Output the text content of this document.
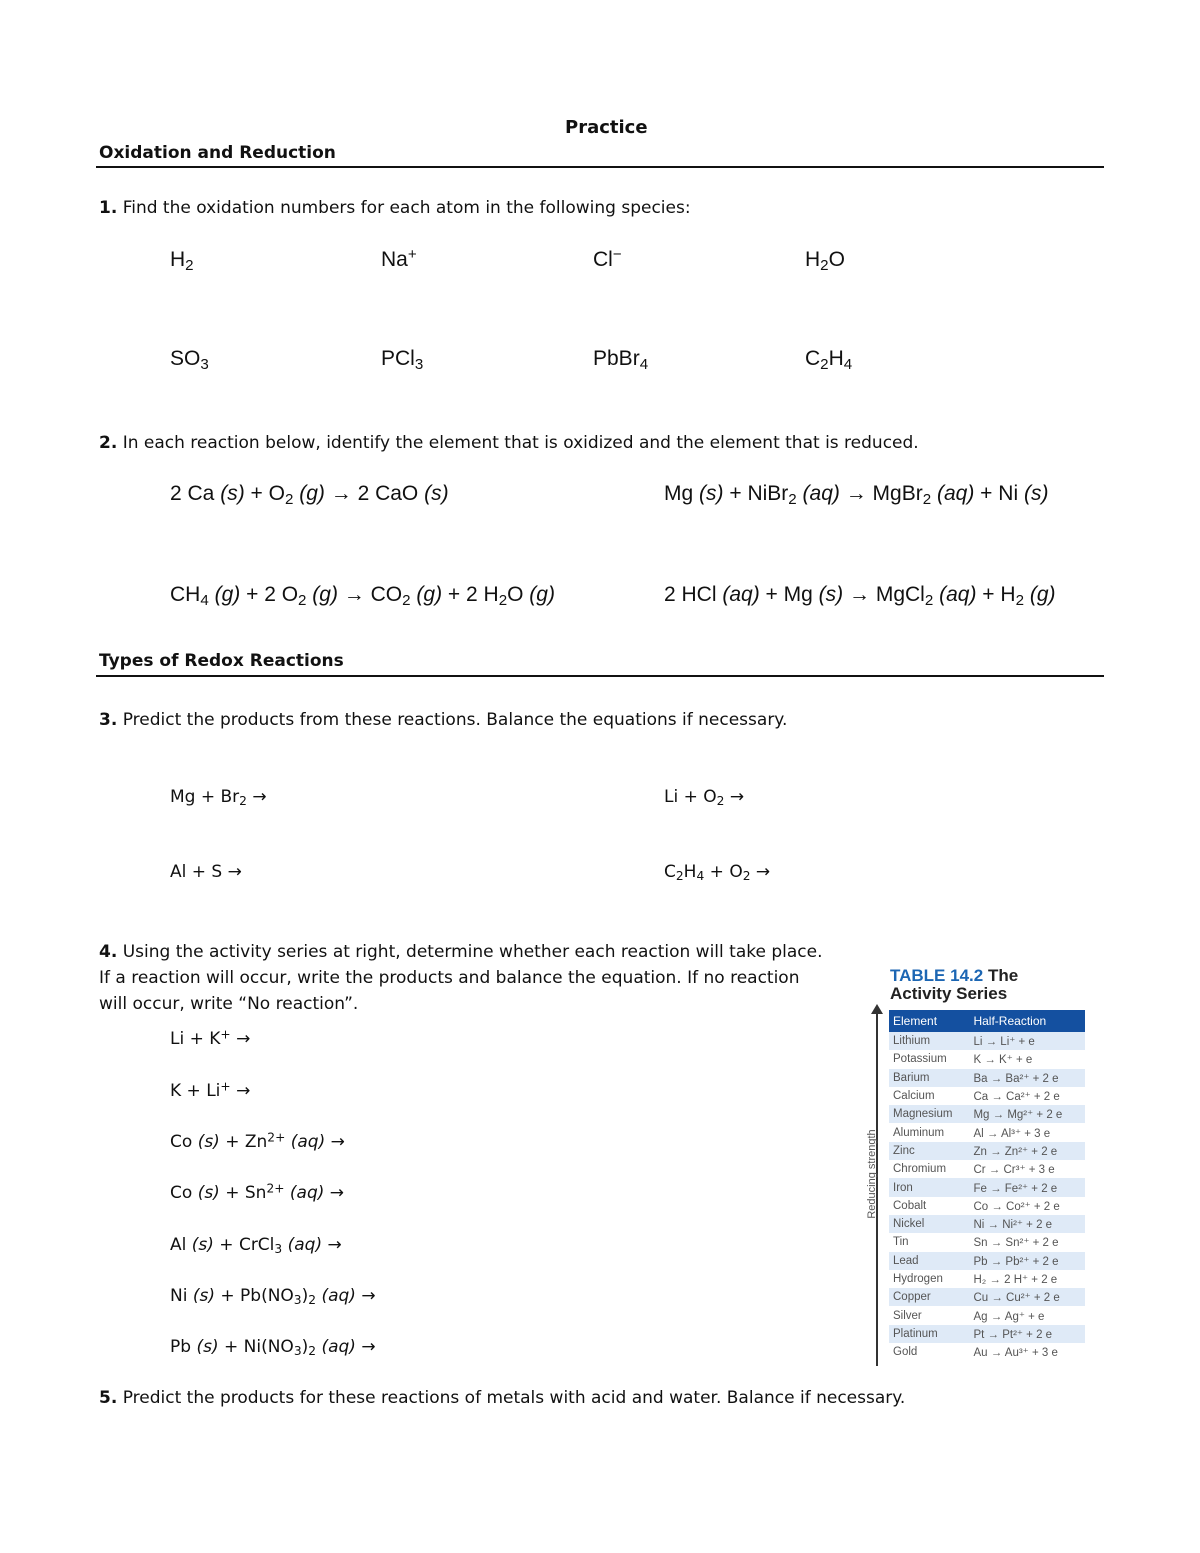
Practice
Oxidation and Reduction
1. Find the oxidation numbers for each atom in the following species:
$H_2$	Na+	Cl−	$H_2O$
$SO_3$	PCl$_3$	PbBr$_4$	$C_2H_4$
2. In each reaction below, identify the element that is oxidized and the element that is reduced.
2 Ca $(s) + O_2$ (g) → 2 CaO (s)	Mg (s) + NiBr$_2$ (aq) → MgBr$_2$ (aq) + Ni (s)
$CH_4$ (g) + 2 $O_2$ $(g) \to CO_2$ (g) + 2 $H_2O$ (g)	2 HCl (aq) + Mg (s) → MgCl$_2$ $(aq) + H_2$ (g)
Types of Redox Reactions
3. Predict the products from these reactions. Balance the equations if necessary.
$Mg + Br_2$ →	$Li + O_2$ →
Al + S →	$C_2H_4 + O_2$ →
4. Using the activity series at right, determine whether each reaction will take place.
If a reaction will occur, write the products and balance the equation. If no reaction
will occur, write “No reaction”.
Li + K+ →
K + Li+ →
Co $(s) + Zn^{2+}$ (aq) →
Co $(s) + Sn^{2+}$ (aq) →
Al (s) + CrCl$_3$ (aq) →
Ni $(s) + Pb(NO_3)_2$ (aq) →
Pb $(s) + Ni(NO_3)_2$ (aq) →
TABLE 14.2 The
Activity Series
Reducing strength
Element	Half-Reaction
Lithium	Li → Li⁺ + e
Potassium	K → K⁺ + e
Barium	Ba → Ba²⁺ + 2 e
Calcium	Ca → Ca²⁺ + 2 e
Magnesium	Mg → Mg²⁺ + 2 e
Aluminum	Al → Al³⁺ + 3 e
Zinc	Zn → Zn²⁺ + 2 e
Chromium	Cr → Cr³⁺ + 3 e
Iron	Fe → Fe²⁺ + 2 e
Cobalt	Co → Co²⁺ + 2 e
Nickel	Ni → Ni²⁺ + 2 e
Tin	Sn → Sn²⁺ + 2 e
Lead	Pb → Pb²⁺ + 2 e
Hydrogen	H₂ → 2 H⁺ + 2 e
Copper	Cu → Cu²⁺ + 2 e
Silver	Ag → Ag⁺ + e
Platinum	Pt → Pt²⁺ + 2 e
Gold	Au → Au³⁺ + 3 e
5. Predict the products for these reactions of metals with acid and water. Balance if necessary.
